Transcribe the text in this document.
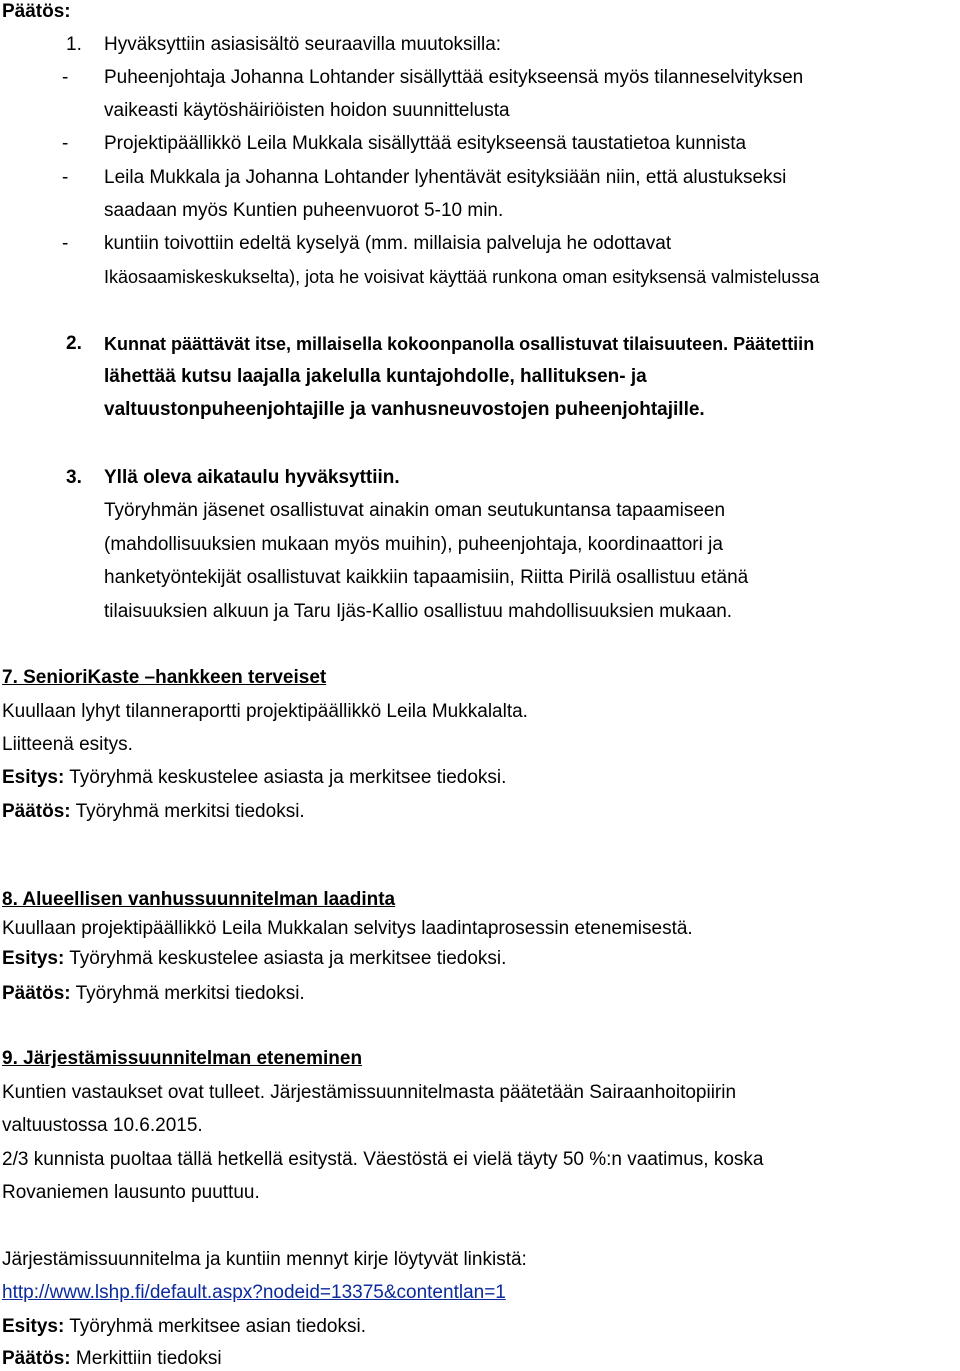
Päätös:
1. Hyväksyttiin asiasisältö seuraavilla muutoksilla:
- Puheenjohtaja Johanna Lohtander sisällyttää esitykseensä myös tilanneselvityksen
vaikeasti käytöshäiriöisten hoidon suunnittelusta
- Projektipäällikkö Leila Mukkala sisällyttää esitykseensä taustatietoa kunnista
- Leila Mukkala ja Johanna Lohtander lyhentävät esityksiään niin, että alustukseksi
saadaan myös Kuntien puheenvuorot 5-10 min.
- kuntiin toivottiin edeltä kyselyä (mm. millaisia palveluja he odottavat
Ikäosaamiskeskukselta), jota he voisivat käyttää runkona oman esityksensä valmistelussa
2. Kunnat päättävät itse, millaisella kokoonpanolla osallistuvat tilaisuuteen. Päätettiin
lähettää kutsu laajalla jakelulla kuntajohdolle, hallituksen- ja
valtuustonpuheenjohtajille ja vanhusneuvostojen puheenjohtajille.
3. Yllä oleva aikataulu hyväksyttiin.
Työryhmän jäsenet osallistuvat ainakin oman seutukuntansa tapaamiseen
(mahdollisuuksien mukaan myös muihin), puheenjohtaja, koordinaattori ja
hanketyöntekijät osallistuvat kaikkiin tapaamisiin, Riitta Pirilä osallistuu etänä
tilaisuuksien alkuun ja Taru Ijäs-Kallio osallistuu mahdollisuuksien mukaan.
7. SenioriKaste –hankkeen terveiset
Kuullaan lyhyt tilanneraportti projektipäällikkö Leila Mukkalalta.
Liitteenä esitys.
Esitys: Työryhmä keskustelee asiasta ja merkitsee tiedoksi.
Päätös: Työryhmä merkitsi tiedoksi.
8. Alueellisen vanhussuunnitelman laadinta
Kuullaan projektipäällikkö Leila Mukkalan selvitys laadintaprosessin etenemisestä.
Esitys: Työryhmä keskustelee asiasta ja merkitsee tiedoksi.
Päätös: Työryhmä merkitsi tiedoksi.
9. Järjestämissuunnitelman eteneminen
Kuntien vastaukset ovat tulleet. Järjestämissuunnitelmasta päätetään Sairaanhoitopiirin
valtuustossa 10.6.2015.
2/3 kunnista puoltaa tällä hetkellä esitystä. Väestöstä ei vielä täyty 50 %:n vaatimus, koska
Rovaniemen lausunto puuttuu.
Järjestämissuunnitelma ja kuntiin mennyt kirje löytyvät linkistä:
http://www.lshp.fi/default.aspx?nodeid=13375&contentlan=1
Esitys: Työryhmä merkitsee asian tiedoksi.
Päätös: Merkittiin tiedoksi
